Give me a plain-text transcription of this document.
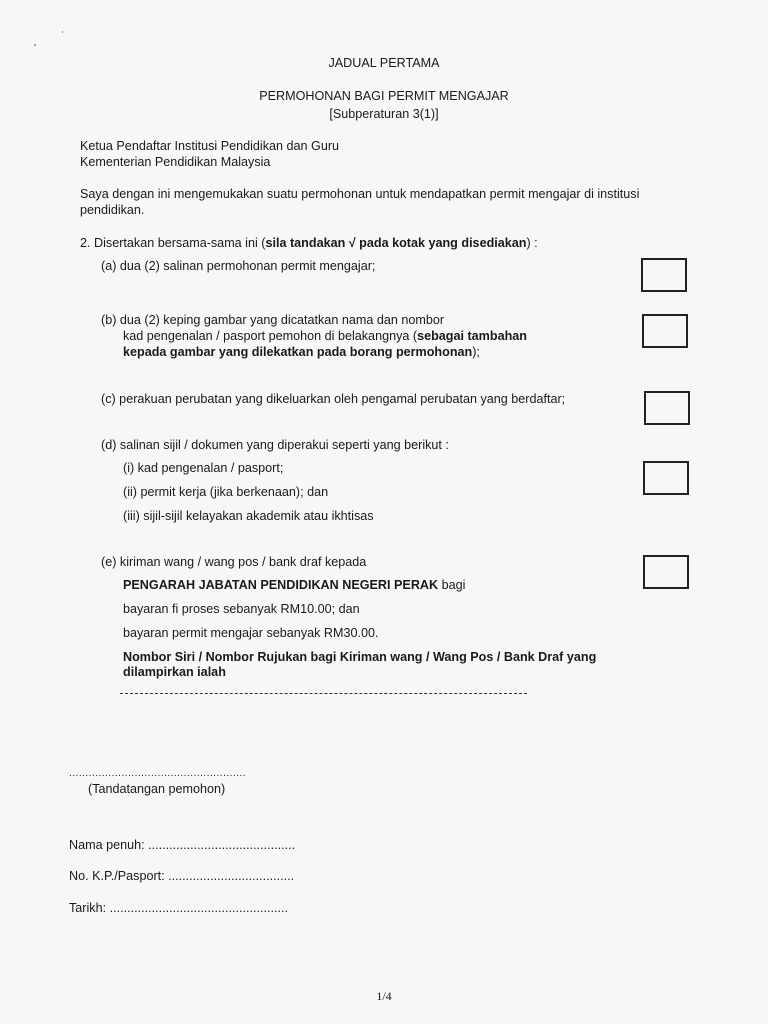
JADUAL PERTAMA
PERMOHONAN BAGI PERMIT MENGAJAR
[Subperaturan 3(1)]
Ketua Pendaftar Institusi Pendidikan dan Guru
Kementerian Pendidikan Malaysia
Saya dengan ini mengemukakan suatu permohonan untuk mendapatkan permit mengajar di institusi
pendidikan.
2. Disertakan bersama-sama ini (sila tandakan √ pada kotak yang disediakan) :
(a) dua (2) salinan permohonan permit mengajar;
(b) dua (2) keping gambar yang dicatatkan nama dan nombor
kad pengenalan / pasport pemohon di belakangnya (sebagai tambahan
kepada gambar yang dilekatkan pada borang permohonan);
(c) perakuan perubatan yang dikeluarkan oleh pengamal perubatan yang berdaftar;
(d) salinan sijil / dokumen yang diperakui seperti yang berikut :
(i) kad pengenalan / pasport;
(ii) permit kerja (jika berkenaan); dan
(iii) sijil-sijil kelayakan akademik atau ikhtisas
(e) kiriman wang / wang pos / bank draf kepada
PENGARAH JABATAN PENDIDIKAN NEGERI PERAK bagi
bayaran fi proses sebanyak RM10.00; dan
bayaran permit mengajar sebanyak RM30.00.
Nombor Siri / Nombor Rujukan bagi Kiriman wang / Wang Pos / Bank Draf yang
dilampirkan ialah
......................................................
(Tandatangan pemohon)
Nama penuh: ..........................................
No. K.P./Pasport: ....................................
Tarikh: ...................................................
1/4
